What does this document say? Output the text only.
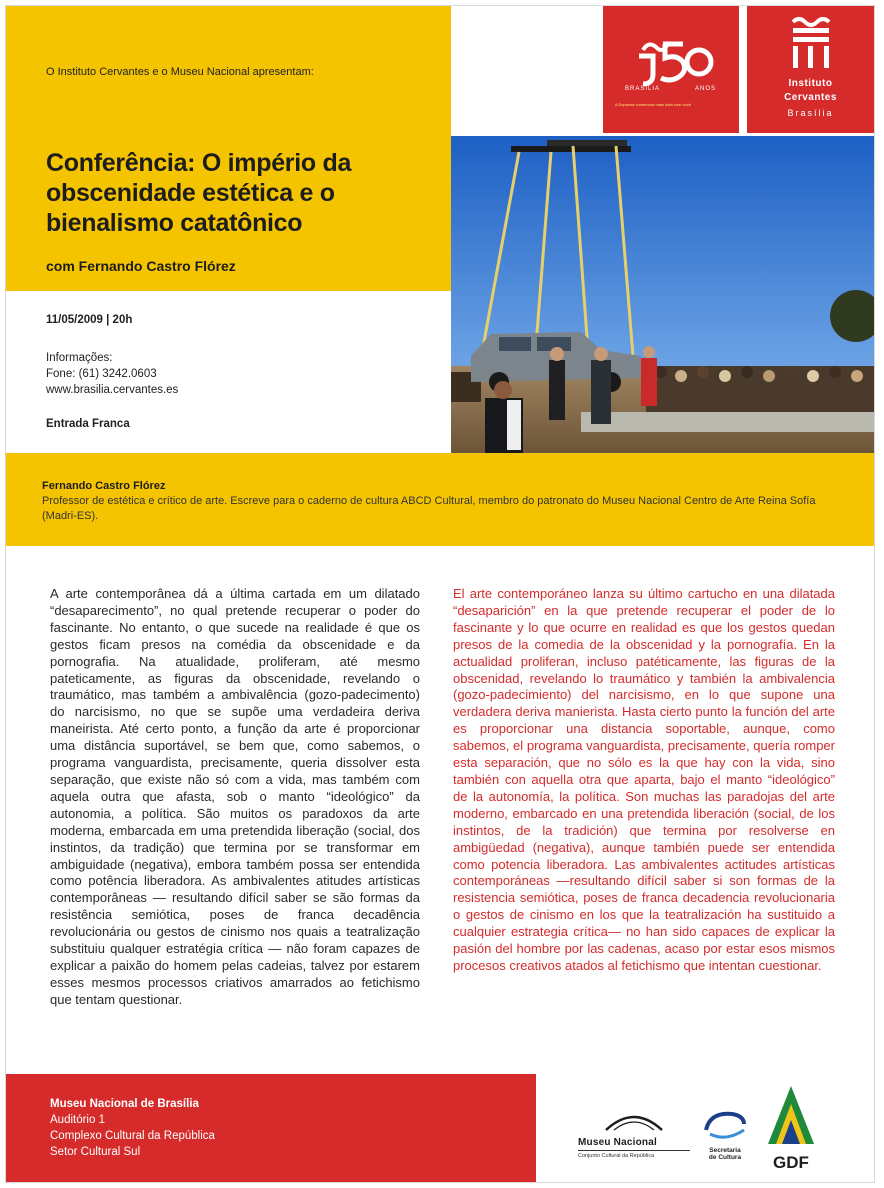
O Instituto Cervantes e o Museu Nacional apresentam:
Conferência: O império da obscenidade estética e o bienalismo catatônico
com Fernando Castro Flórez
BRASÍLIA	ANOS
A Espanha comemora mais data com você
Instituto
Cervantes
Brasília
11/05/2009 | 20h
Informações:
Fone: (61) 3242.0603
www.brasilia.cervantes.es
Entrada Franca
Fernando Castro Flórez
Professor de estética e crítico de arte. Escreve para o caderno de cultura ABCD Cultural, membro do patronato do Museu Nacional Centro de Arte Reina Sofía (Madri-ES).
A arte contemporânea dá a última cartada em um dilatado “desaparecimento”, no qual pretende recuperar o poder do fascinante. No entanto, o que sucede na realidade é que os gestos ficam presos na comédia da obscenidade e da pornografia. Na atualidade, proliferam, até mesmo pateticamente, as figuras da obscenidade, revelando o traumático, mas também a ambivalência (gozo-padecimento) do narcisismo, no que se supõe uma verdadeira deriva maneirista. Até certo ponto, a função da arte é proporcionar uma distância suportável, se bem que, como sabemos, o programa vanguardista, precisamente, queria dissolver esta separação, que existe não só com a vida, mas também com aquela outra que afasta, sob o manto “ideológico” da autonomia, a política. São muitos os paradoxos da arte moderna, embarcada em uma pretendida liberação (social, dos instintos, da tradição) que termina por se transformar em ambiguidade (negativa), embora também possa ser entendida como potência liberadora. As ambivalentes atitudes artísticas contemporâneas — resultando difícil saber se são formas da resistência semiótica, poses de franca decadência revolucionária ou gestos de cinismo nos quais a teatralização substituiu qualquer estratégia crítica — não foram capazes de explicar a paixão do homem pelas cadeias, talvez por estarem esses mesmos processos criativos amarrados ao fetichismo que tentam questionar.
El arte contemporáneo lanza su último cartucho en una dilatada “desaparición” en la que pretende recuperar el poder de lo fascinante y lo que ocurre en realidad es que los gestos quedan presos de la comedia de la obscenidad y la pornografía. En la actualidad proliferan, incluso patéticamente, las figuras de la obscenidad, revelando lo traumático y también la ambivalencia (gozo-padecimiento) del narcisismo, en lo que supone una verdadera deriva manierista. Hasta cierto punto la función del arte es proporcionar una distancia soportable, aunque, como sabemos, el programa vanguardista, precisamente, quería romper esta separación, que no sólo es la que hay con la vida, sino también con aquella otra que aparta, bajo el manto “ideológico” de la autonomía, la política. Son muchas las paradojas del arte moderno, embarcado en una pretendida liberación (social, de los instintos, de la tradición) que termina por resolverse en ambigüedad (negativa), aunque también puede ser entendida como potencia liberadora. Las ambivalentes actitudes artísticas contemporáneas —resultando difícil saber si son formas de la resistencia semiótica, poses de franca decadencia revolucionaria o gestos de cinismo en los que la teatralización ha sustituido a cualquier estrategia crítica— no han sido capaces de explicar la pasión del hombre por las cadenas, acaso por estar esos mismos procesos creativos atados al fetichismo que intentan cuestionar.
Museu Nacional de Brasília
Auditório 1
Complexo Cultural da República
Setor Cultural Sul
Museu Nacional
Conjunto Cultural da República
Secretaria
de Cultura	GDF
